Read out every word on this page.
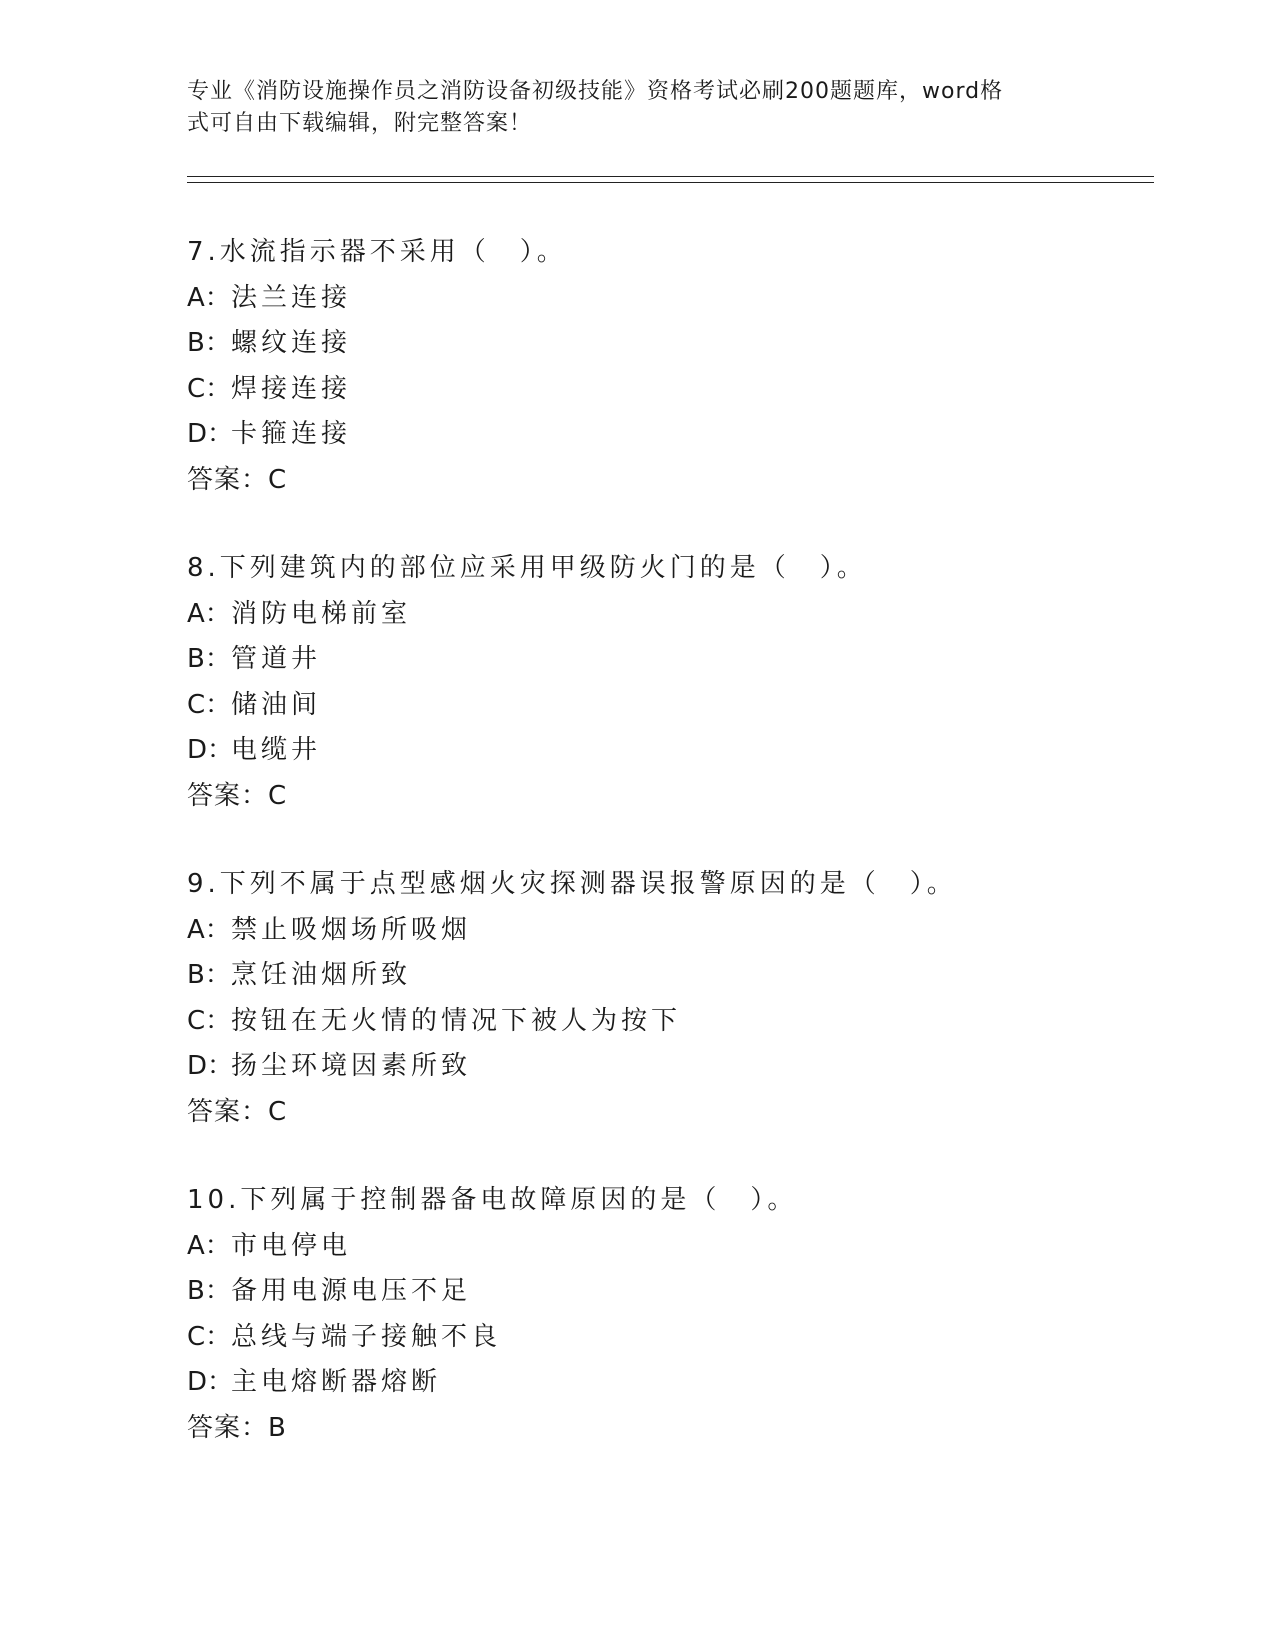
专业《消防设施操作员之消防设备初级技能》资格考试必刷200题题库，word格
式可自由下载编辑，附完整答案！
7.水流指示器不采用（　）。
A：法兰连接
B：螺纹连接
C：焊接连接
D：卡箍连接
答案：C
8.下列建筑内的部位应采用甲级防火门的是（　）。
A：消防电梯前室
B：管道井
C：储油间
D：电缆井
答案：C
9.下列不属于点型感烟火灾探测器误报警原因的是（　）。
A：禁止吸烟场所吸烟
B：烹饪油烟所致
C：按钮在无火情的情况下被人为按下
D：扬尘环境因素所致
答案：C
10.下列属于控制器备电故障原因的是（　）。
A：市电停电
B：备用电源电压不足
C：总线与端子接触不良
D：主电熔断器熔断
答案：B
